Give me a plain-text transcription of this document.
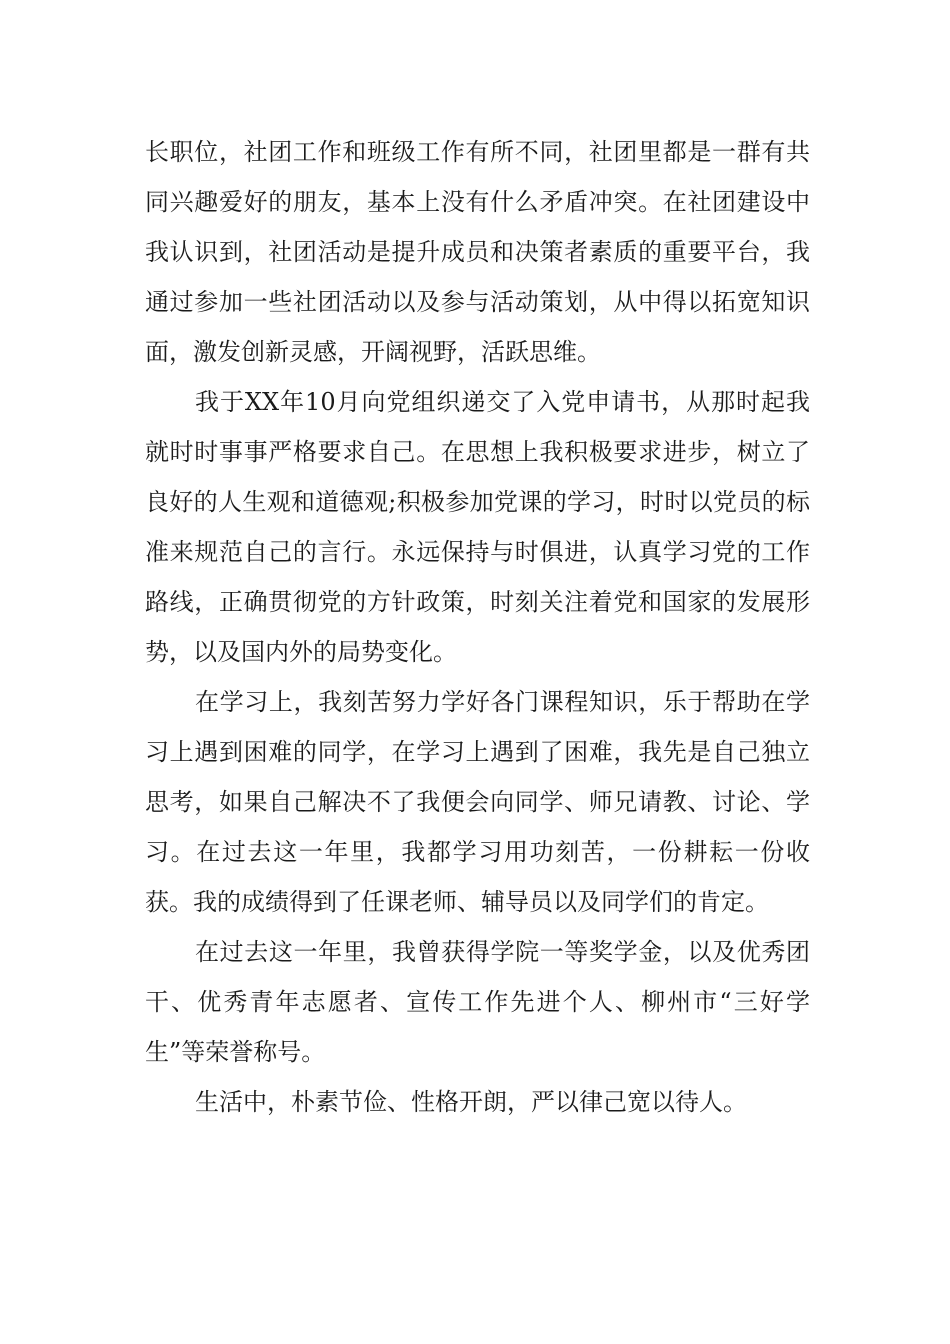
长职位，社团工作和班级工作有所不同，社团里都是一群有共同兴趣爱好的朋友，基本上没有什么矛盾冲突。在社团建设中我认识到，社团活动是提升成员和决策者素质的重要平台，我通过参加一些社团活动以及参与活动策划，从中得以拓宽知识面，激发创新灵感，开阔视野，活跃思维。

我于XX年10月向党组织递交了入党申请书，从那时起我就时时事事严格要求自己。在思想上我积极要求进步，树立了良好的人生观和道德观;积极参加党课的学习，时时以党员的标准来规范自己的言行。永远保持与时俱进，认真学习党的工作路线，正确贯彻党的方针政策，时刻关注着党和国家的发展形势，以及国内外的局势变化。

在学习上，我刻苦努力学好各门课程知识，乐于帮助在学习上遇到困难的同学，在学习上遇到了困难，我先是自己独立思考，如果自己解决不了我便会向同学、师兄请教、讨论、学习。在过去这一年里，我都学习用功刻苦，一份耕耘一份收获。我的成绩得到了任课老师、辅导员以及同学们的肯定。

在过去这一年里，我曾获得学院一等奖学金，以及优秀团干、优秀青年志愿者、宣传工作先进个人、柳州市“三好学生”等荣誉称号。

生活中，朴素节俭、性格开朗，严以律己宽以待人。
